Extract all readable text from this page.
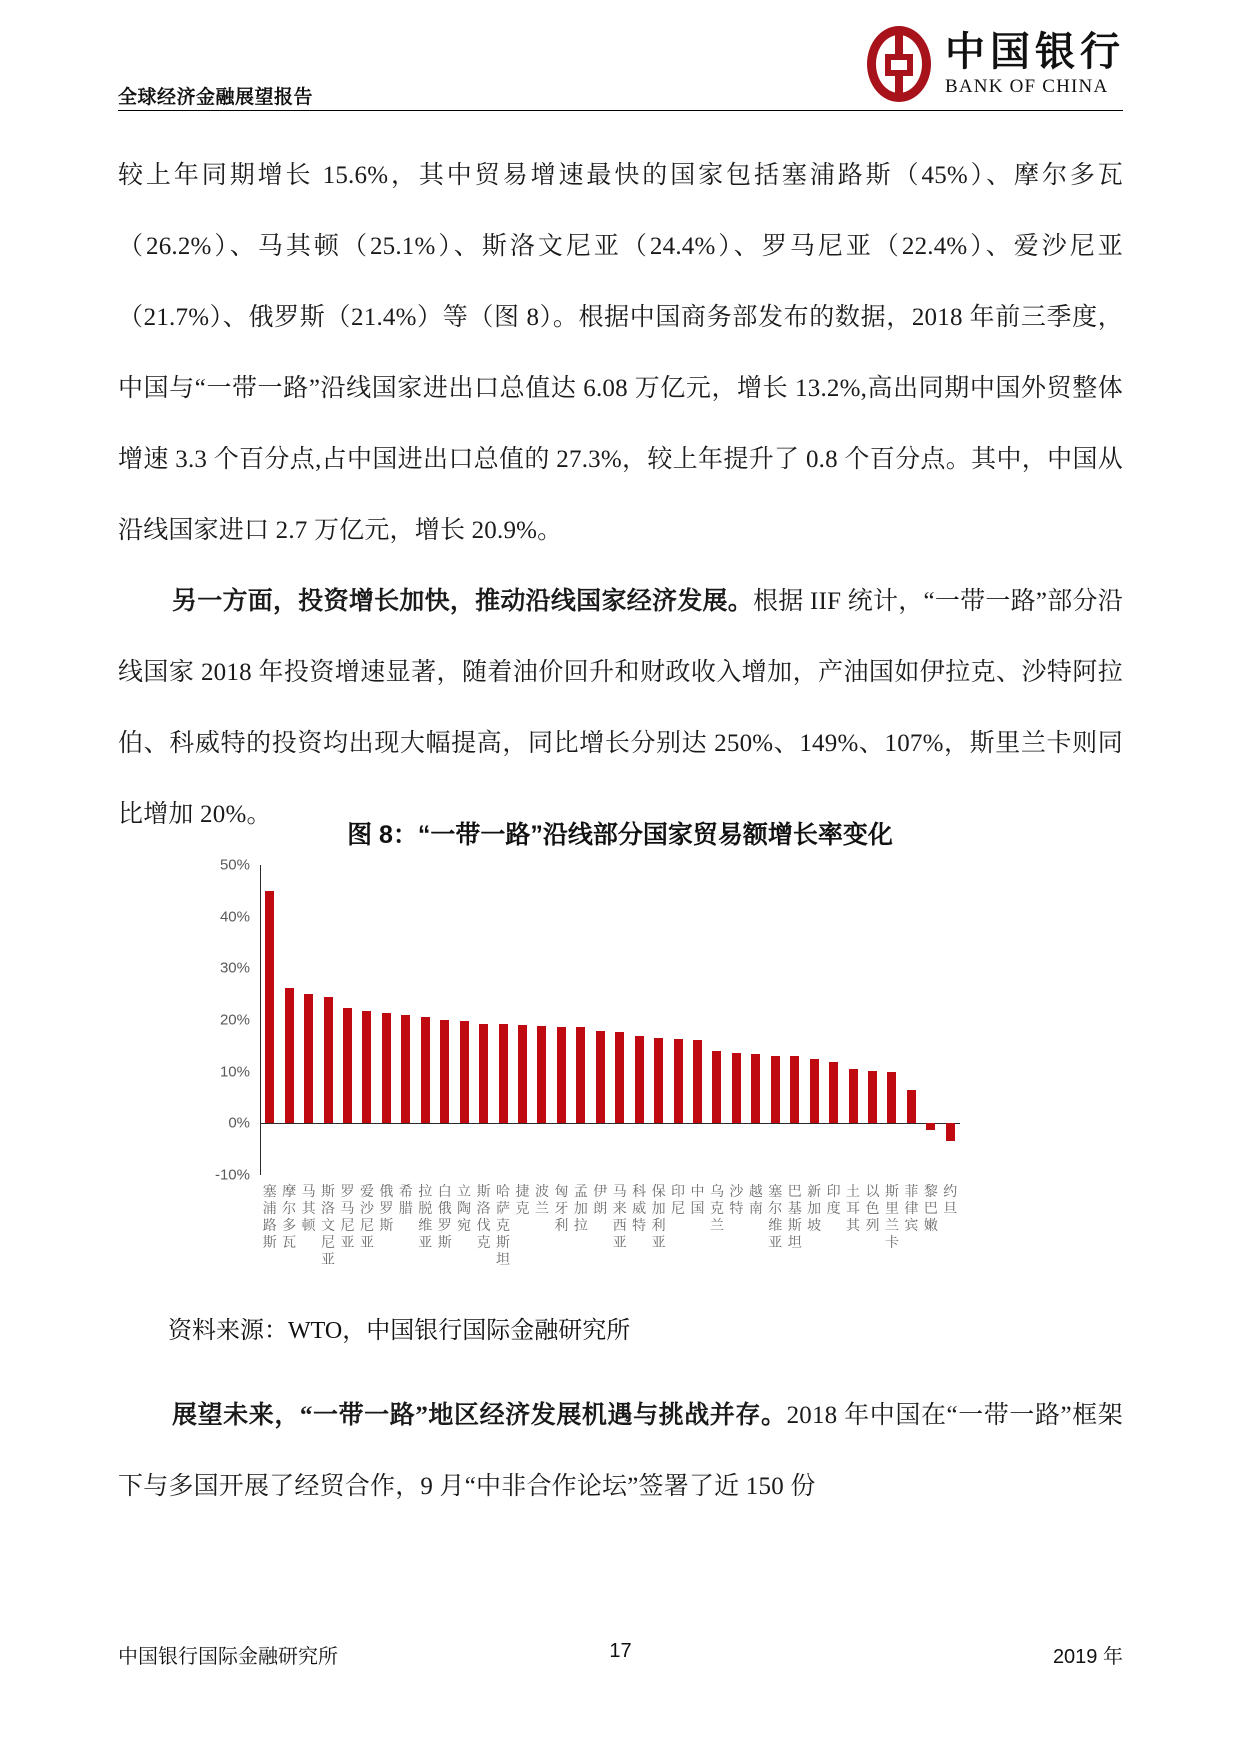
全球经济金融展望报告
中国银行
BANK OF CHINA

较上年同期增长 15.6%，其中贸易增速最快的国家包括塞浦路斯（45%）、摩尔多瓦（26.2%）、马其顿（25.1%）、斯洛文尼亚（24.4%）、罗马尼亚（22.4%）、爱沙尼亚（21.7%）、俄罗斯（21.4%）等（图 8）。根据中国商务部发布的数据，2018 年前三季度，中国与“一带一路”沿线国家进出口总值达 6.08 万亿元，增长 13.2%,高出同期中国外贸整体增速 3.3 个百分点,占中国进出口总值的 27.3%，较上年提升了 0.8 个百分点。其中，中国从沿线国家进口 2.7 万亿元，增长 20.9%。

另一方面，投资增长加快，推动沿线国家经济发展。根据 IIF 统计，“一带一路”部分沿线国家 2018 年投资增速显著，随着油价回升和财政收入增加，产油国如伊拉克、沙特阿拉伯、科威特的投资均出现大幅提高，同比增长分别达 250%、149%、107%，斯里兰卡则同比增加 20%。

图 8：“一带一路”沿线部分国家贸易额增长率变化
50%
40%
30%
20%
10%
0%
-10%
塞浦路斯
摩尔多瓦
马其顿
斯洛文尼亚
罗马尼亚
爱沙尼亚
俄罗斯
希腊
拉脱维亚
白俄罗斯
立陶宛
斯洛伐克
哈萨克斯坦
捷克
波兰
匈牙利
孟加拉
伊朗
马来西亚
科威特
保加利亚
印尼
中国
乌克兰
沙特
越南
塞尔维亚
巴基斯坦
新加坡
印度
土耳其
以色列
斯里兰卡
菲律宾
黎巴嫩
约旦
资料来源：WTO，中国银行国际金融研究所

展望未来，“一带一路”地区经济发展机遇与挑战并存。2018 年中国在“一带一路”框架下与多国开展了经贸合作，9 月“中非合作论坛”签署了近 150 份

中国银行国际金融研究所	17	2019 年
